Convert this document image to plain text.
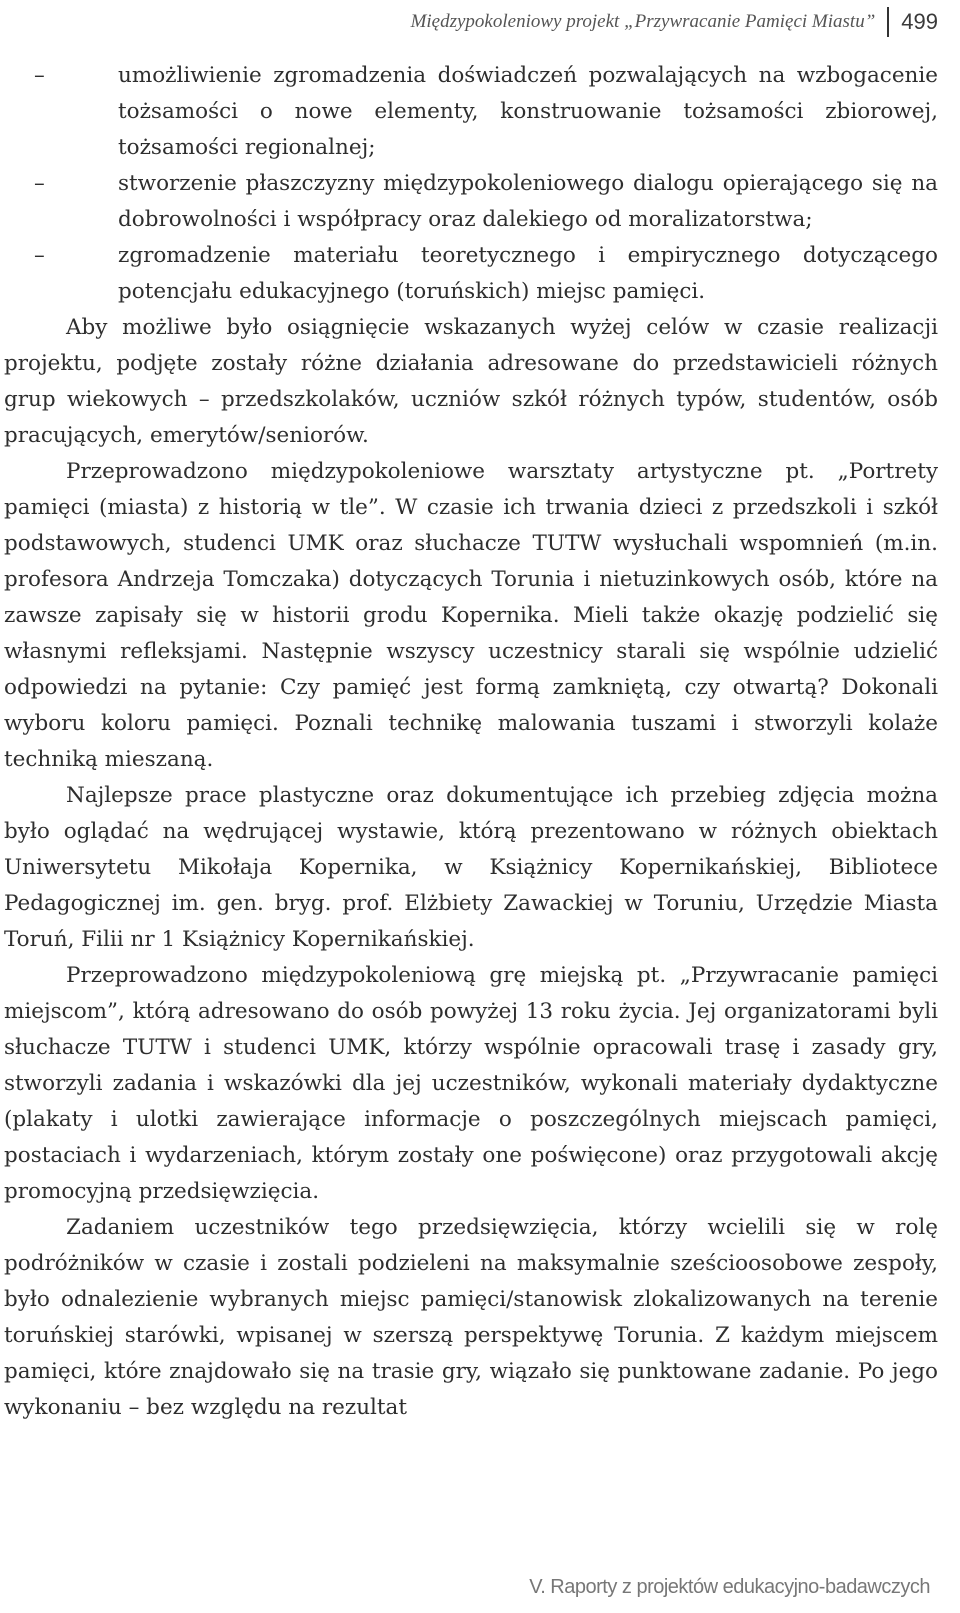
Międzypokoleniowy projekt „Przywracanie Pamięci Miastu”	499
–	umożliwienie zgromadzenia doświadczeń pozwalających na wzbogacenie tożsamości o nowe elementy, konstruowanie tożsamości zbiorowej, tożsamości regionalnej;
–	stworzenie płaszczyzny międzypokoleniowego dialogu opierającego się na dobrowolności i współpracy oraz dalekiego od moralizatorstwa;
–	zgromadzenie materiału teoretycznego i empirycznego dotyczącego potencjału edukacyjnego (toruńskich) miejsc pamięci.

Aby możliwe było osiągnięcie wskazanych wyżej celów w czasie realizacji projektu, podjęte zostały różne działania adresowane do przedstawicieli różnych grup wiekowych – przedszkolaków, uczniów szkół różnych typów, studentów, osób pracujących, emerytów/seniorów.

Przeprowadzono międzypokoleniowe warsztaty artystyczne pt. „Portrety pamięci (miasta) z historią w tle”. W czasie ich trwania dzieci z przedszkoli i szkół podstawowych, studenci UMK oraz słuchacze TUTW wysłuchali wspomnień (m.in. profesora Andrzeja Tomczaka) dotyczących Torunia i nietuzinkowych osób, które na zawsze zapisały się w historii grodu Kopernika. Mieli także okazję podzielić się własnymi refleksjami. Następnie wszyscy uczestnicy starali się wspólnie udzielić odpowiedzi na pytanie: Czy pamięć jest formą zamkniętą, czy otwartą? Dokonali wyboru koloru pamięci. Poznali technikę malowania tuszami i stworzyli kolaże techniką mieszaną.

Najlepsze prace plastyczne oraz dokumentujące ich przebieg zdjęcia można było oglądać na wędrującej wystawie, którą prezentowano w różnych obiektach Uniwersytetu Mikołaja Kopernika, w Książnicy Kopernikańskiej, Bibliotece Pedagogicznej im. gen. bryg. prof. Elżbiety Zawackiej w Toruniu, Urzędzie Miasta Toruń, Filii nr 1 Książnicy Kopernikańskiej.

Przeprowadzono międzypokoleniową grę miejską pt. „Przywracanie pamięci miejscom”, którą adresowano do osób powyżej 13 roku życia. Jej organizatorami byli słuchacze TUTW i studenci UMK, którzy wspólnie opracowali trasę i zasady gry, stworzyli zadania i wskazówki dla jej uczestników, wykonali materiały dydaktyczne (plakaty i ulotki zawierające informacje o poszczególnych miejscach pamięci, postaciach i wydarzeniach, którym zostały one poświęcone) oraz przygotowali akcję promocyjną przedsięwzięcia.

Zadaniem uczestników tego przedsięwzięcia, którzy wcielili się w rolę podróżników w czasie i zostali podzieleni na maksymalnie sześcioosobowe zespoły, było odnalezienie wybranych miejsc pamięci/stanowisk zlokalizowanych na terenie toruńskiej starówki, wpisanej w szerszą perspektywę Torunia. Z każdym miejscem pamięci, które znajdowało się na trasie gry, wiązało się punktowane zadanie. Po jego wykonaniu – bez względu na rezultat

V. Raporty z projektów edukacyjno-badawczych
